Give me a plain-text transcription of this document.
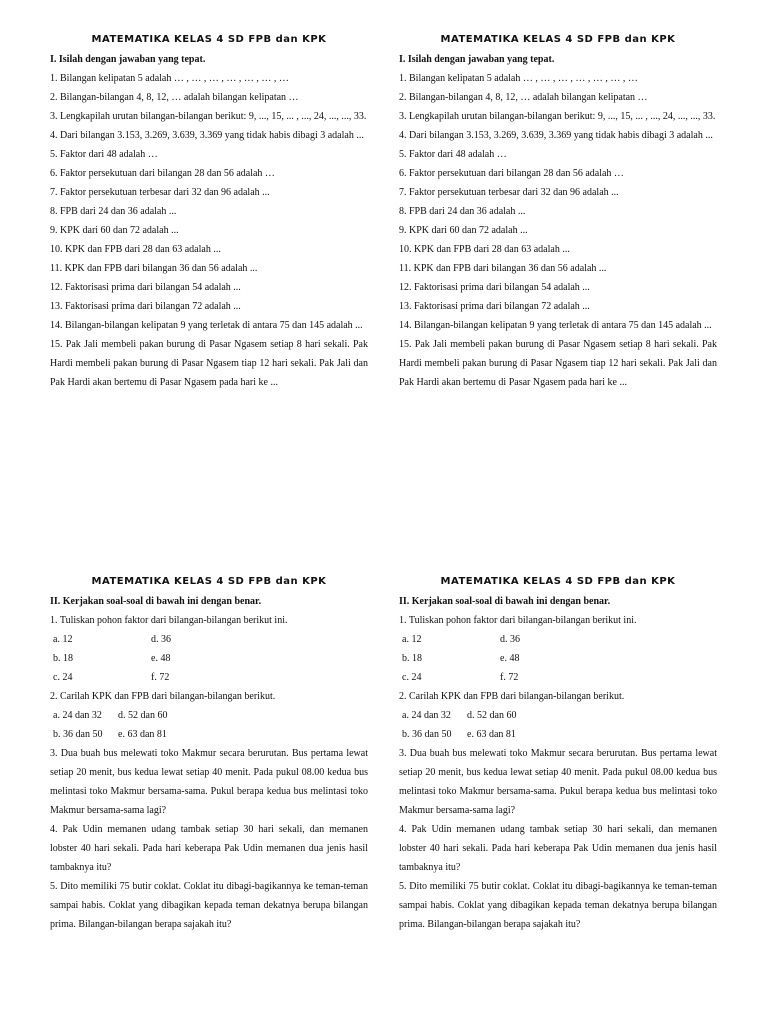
MATEMATIKA KELAS 4 SD FPB dan KPK
I. Isilah dengan jawaban yang tepat.
1. Bilangan kelipatan 5 adalah … , … , … , … , … , … , …
2. Bilangan-bilangan 4, 8, 12, … adalah bilangan kelipatan …
3. Lengkapilah urutan bilangan-bilangan berikut: 9, ..., 15, ... , ..., 24, ..., ..., 33.
4. Dari bilangan 3.153, 3.269, 3.639, 3.369 yang tidak habis dibagi 3 adalah ...
5. Faktor dari 48 adalah …
6. Faktor persekutuan dari bilangan 28 dan 56 adalah …
7. Faktor persekutuan terbesar dari 32 dan 96 adalah ...
8. FPB dari 24 dan 36 adalah ...
9. KPK dari 60 dan 72 adalah ...
10. KPK dan FPB dari 28 dan 63 adalah ...
11. KPK dan FPB dari bilangan 36 dan 56 adalah ...
12. Faktorisasi prima dari bilangan 54 adalah ...
13. Faktorisasi prima dari bilangan 72 adalah ...
14. Bilangan-bilangan kelipatan 9 yang terletak di antara 75 dan 145 adalah ...
15. Pak Jali membeli pakan burung di Pasar Ngasem setiap 8 hari sekali. Pak Hardi membeli pakan burung di Pasar Ngasem tiap 12 hari sekali. Pak Jali dan Pak Hardi akan bertemu di Pasar Ngasem pada hari ke ...
MATEMATIKA KELAS 4 SD FPB dan KPK
I. Isilah dengan jawaban yang tepat.
1. Bilangan kelipatan 5 adalah … , … , … , … , … , … , …
2. Bilangan-bilangan 4, 8, 12, … adalah bilangan kelipatan …
3. Lengkapilah urutan bilangan-bilangan berikut: 9, ..., 15, ... , ..., 24, ..., ..., 33.
4. Dari bilangan 3.153, 3.269, 3.639, 3.369 yang tidak habis dibagi 3 adalah ...
5. Faktor dari 48 adalah …
6. Faktor persekutuan dari bilangan 28 dan 56 adalah …
7. Faktor persekutuan terbesar dari 32 dan 96 adalah ...
8. FPB dari 24 dan 36 adalah ...
9. KPK dari 60 dan 72 adalah ...
10. KPK dan FPB dari 28 dan 63 adalah ...
11. KPK dan FPB dari bilangan 36 dan 56 adalah ...
12. Faktorisasi prima dari bilangan 54 adalah ...
13. Faktorisasi prima dari bilangan 72 adalah ...
14. Bilangan-bilangan kelipatan 9 yang terletak di antara 75 dan 145 adalah ...
15. Pak Jali membeli pakan burung di Pasar Ngasem setiap 8 hari sekali. Pak Hardi membeli pakan burung di Pasar Ngasem tiap 12 hari sekali. Pak Jali dan Pak Hardi akan bertemu di Pasar Ngasem pada hari ke ...
MATEMATIKA KELAS 4 SD FPB dan KPK
II. Kerjakan soal-soal di bawah ini dengan benar.
1. Tuliskan pohon faktor dari bilangan-bilangan berikut ini.
a. 12	d. 36
b. 18	e. 48
c. 24	f. 72
2. Carilah KPK dan FPB dari bilangan-bilangan berikut.
a. 24 dan 32 d. 52 dan 60
b. 36 dan 50 e. 63 dan 81
3. Dua buah bus melewati toko Makmur secara berurutan. Bus pertama lewat setiap 20 menit, bus kedua lewat setiap 40 menit. Pada pukul 08.00 kedua bus melintasi toko Makmur bersama-sama. Pukul berapa kedua bus melintasi toko Makmur bersama-sama lagi?
4. Pak Udin memanen udang tambak setiap 30 hari sekali, dan memanen lobster 40 hari sekali. Pada hari keberapa Pak Udin memanen dua jenis hasil tambaknya itu?
5. Dito memiliki 75 butir coklat. Coklat itu dibagi-bagikannya ke teman-teman sampai habis. Coklat yang dibagikan kepada teman dekatnya berupa bilangan prima. Bilangan-bilangan berapa sajakah itu?
MATEMATIKA KELAS 4 SD FPB dan KPK
II. Kerjakan soal-soal di bawah ini dengan benar.
1. Tuliskan pohon faktor dari bilangan-bilangan berikut ini.
a. 12	d. 36
b. 18	e. 48
c. 24	f. 72
2. Carilah KPK dan FPB dari bilangan-bilangan berikut.
a. 24 dan 32 d. 52 dan 60
b. 36 dan 50 e. 63 dan 81
3. Dua buah bus melewati toko Makmur secara berurutan. Bus pertama lewat setiap 20 menit, bus kedua lewat setiap 40 menit. Pada pukul 08.00 kedua bus melintasi toko Makmur bersama-sama. Pukul berapa kedua bus melintasi toko Makmur bersama-sama lagi?
4. Pak Udin memanen udang tambak setiap 30 hari sekali, dan memanen lobster 40 hari sekali. Pada hari keberapa Pak Udin memanen dua jenis hasil tambaknya itu?
5. Dito memiliki 75 butir coklat. Coklat itu dibagi-bagikannya ke teman-teman sampai habis. Coklat yang dibagikan kepada teman dekatnya berupa bilangan prima. Bilangan-bilangan berapa sajakah itu?
